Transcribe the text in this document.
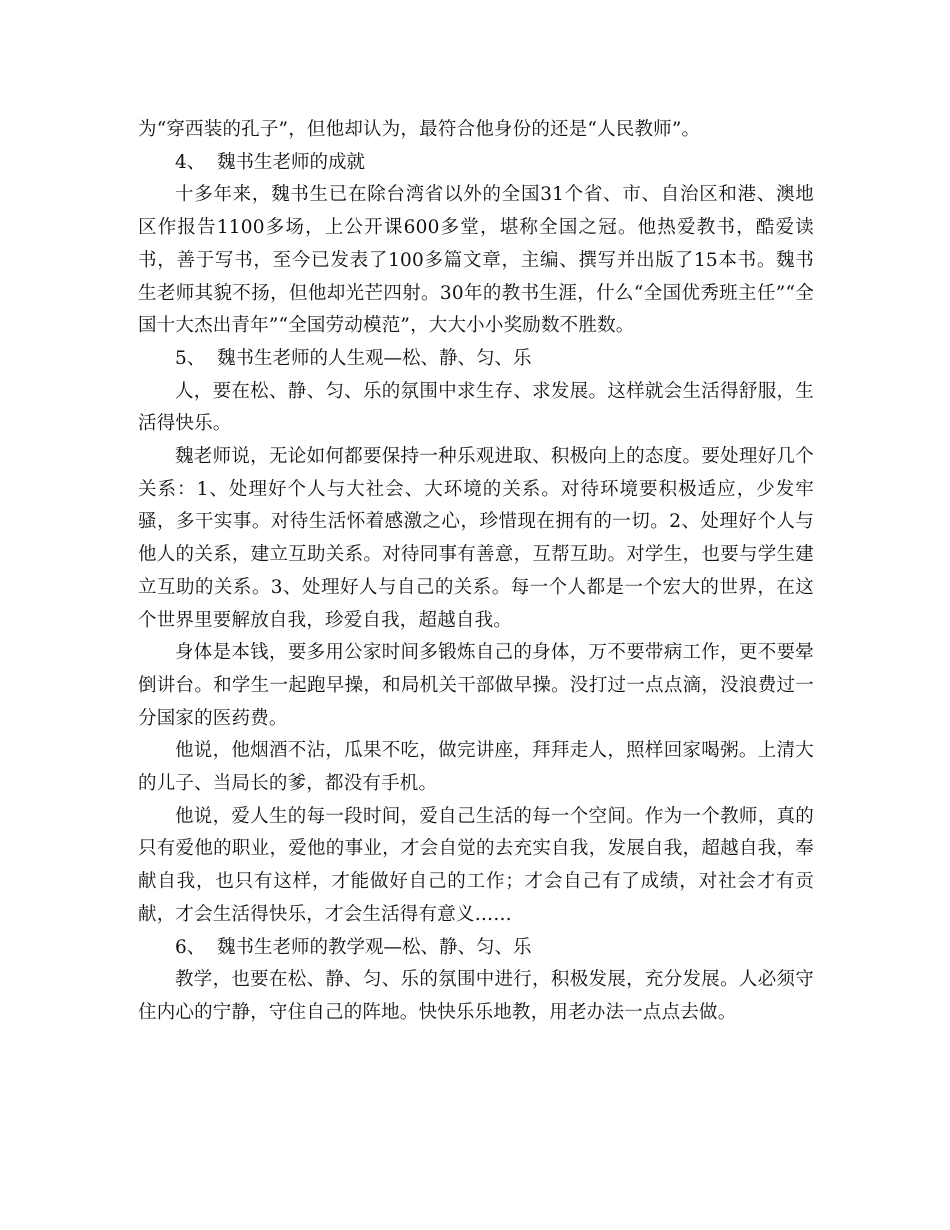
为“穿西装的孔子”，但他却认为，最符合他身份的还是“人民教师”。

4、  魏书生老师的成就

十多年来，魏书生已在除台湾省以外的全国31个省、市、自治区和港、澳地区作报告1100多场，上公开课600多堂，堪称全国之冠。他热爱教书，酷爱读书，善于写书，至今已发表了100多篇文章，主编、撰写并出版了15本书。魏书生老师其貌不扬，但他却光芒四射。30年的教书生涯，什么“全国优秀班主任”“全国十大杰出青年”“全国劳动模范”，大大小小奖励数不胜数。

5、  魏书生老师的人生观—松、静、匀、乐

人，要在松、静、匀、乐的氛围中求生存、求发展。这样就会生活得舒服，生活得快乐。

魏老师说，无论如何都要保持一种乐观进取、积极向上的态度。要处理好几个关系：1、处理好个人与大社会、大环境的关系。对待环境要积极适应，少发牢骚，多干实事。对待生活怀着感激之心，珍惜现在拥有的一切。2、处理好个人与他人的关系，建立互助关系。对待同事有善意，互帮互助。对学生，也要与学生建立互助的关系。3、处理好人与自己的关系。每一个人都是一个宏大的世界，在这个世界里要解放自我，珍爱自我，超越自我。

身体是本钱，要多用公家时间多锻炼自己的身体，万不要带病工作，更不要晕倒讲台。和学生一起跑早操，和局机关干部做早操。没打过一点点滴，没浪费过一分国家的医药费。

他说，他烟酒不沾，瓜果不吃，做完讲座，拜拜走人，照样回家喝粥。上清大的儿子、当局长的爹，都没有手机。

他说，爱人生的每一段时间，爱自己生活的每一个空间。作为一个教师，真的只有爱他的职业，爱他的事业，才会自觉的去充实自我，发展自我，超越自我，奉献自我，也只有这样，才能做好自己的工作；才会自己有了成绩，对社会才有贡献，才会生活得快乐，才会生活得有意义……

6、  魏书生老师的教学观—松、静、匀、乐

教学，也要在松、静、匀、乐的氛围中进行，积极发展，充分发展。人必须守住内心的宁静，守住自己的阵地。快快乐乐地教，用老办法一点点去做。
